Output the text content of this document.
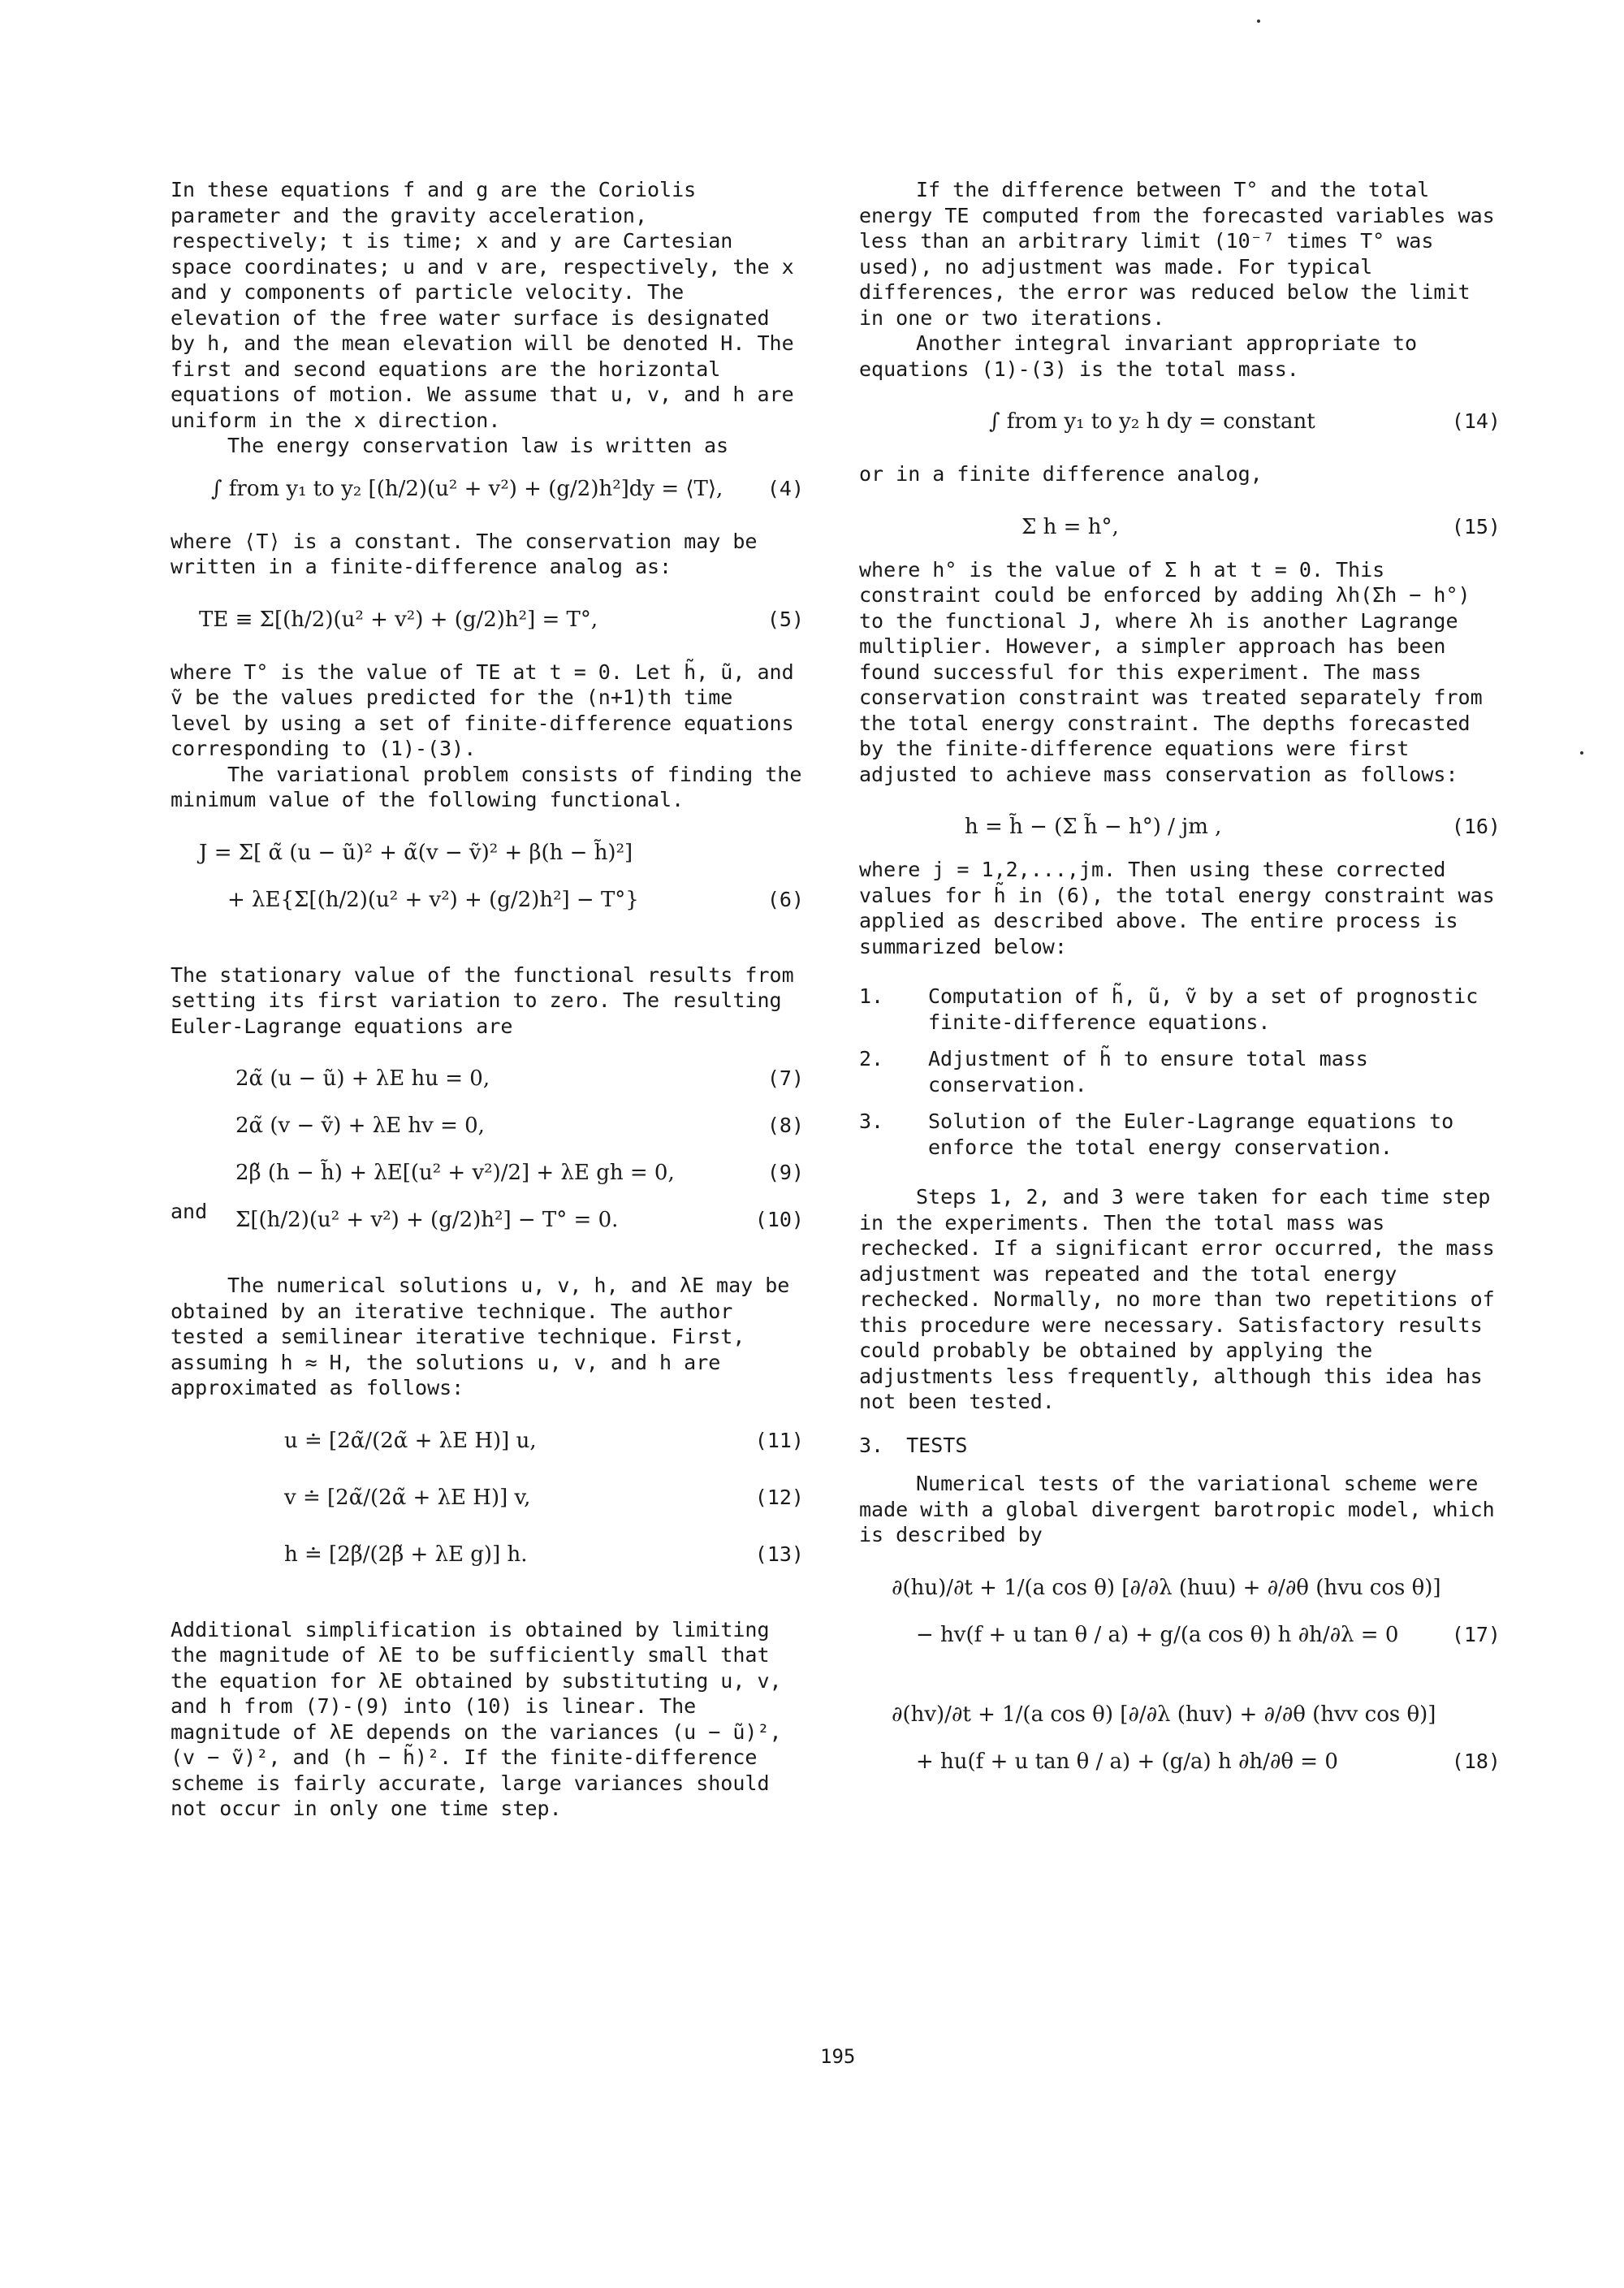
In these equations f and g are the Coriolis parameter and the gravity acceleration, respectively; t is time; x and y are Cartesian space coordinates; u and v are, respectively, the x and y components of particle velocity. The elevation of the free water surface is designated by h, and the mean elevation will be denoted H. The first and second equations are the horizontal equations of motion. We assume that u, v, and h are uniform in the x direction.

The energy conservation law is written as

∫ from y₁ to y₂ [(h/2)(u² + v²) + (g/2)h²]dy = ⟨T⟩, (4)

where ⟨T⟩ is a constant. The conservation may be written in a finite-difference analog as:

TE ≡ Σ[(h/2)(u² + v²) + (g/2)h²] = T°,	(5)

where T° is the value of TE at t = 0. Let h̃, ũ, and ṽ be the values predicted for the (n+1)th time level by using a set of finite-difference equations corresponding to (1)-(3).

The variational problem consists of finding the minimum value of the following functional.

J = Σ[ α̃ (u − ũ)² + α̃(v − ṽ)² + β(h − h̃)²]
+ λE{Σ[(h/2)(u² + v²) + (g/2)h²] − T°}	(6)

The stationary value of the functional results from setting its first variation to zero. The resulting Euler-Lagrange equations are

2α̃ (u − ũ) + λE hu = 0,	(7)
2α̃ (v − ṽ) + λE hv = 0,	(8)
2β̃ (h − h̃) + λE[(u² + v²)/2] + λE gh = 0,	(9)
and Σ[(h/2)(u² + v²) + (g/2)h²] − T° = 0.	(10)

The numerical solutions u, v, h, and λE may be obtained by an iterative technique. The author tested a semilinear iterative technique. First, assuming h ≈ H, the solutions u, v, and h are approximated as follows:

u ≐ [2α̃/(2α̃ + λE H)] u,	(11)
v ≐ [2α̃/(2α̃ + λE H)] v,	(12)
h ≐ [2β̃/(2β̃ + λE g)] h.	(13)

Additional simplification is obtained by limiting the magnitude of λE to be sufficiently small that the equation for λE obtained by substituting u, v, and h from (7)-(9) into (10) is linear. The magnitude of λE depends on the variances (u − ũ)², (v − ṽ)², and (h − h̃)². If the finite-difference scheme is fairly accurate, large variances should not occur in only one time step.

If the difference between T° and the total energy TE computed from the forecasted variables was less than an arbitrary limit (10⁻⁷ times T° was used), no adjustment was made. For typical differences, the error was reduced below the limit in one or two iterations.

Another integral invariant appropriate to equations (1)-(3) is the total mass.

∫ from y₁ to y₂ h dy = constant	(14)

or in a finite difference analog,

Σ h = h°,	(15)

where h° is the value of Σ h at t = 0. This constraint could be enforced by adding λh(Σh − h°) to the functional J, where λh is another Lagrange multiplier. However, a simpler approach has been found successful for this experiment. The mass conservation constraint was treated separately from the total energy constraint. The depths forecasted by the finite-difference equations were first adjusted to achieve mass conservation as follows:

h = h̃ − (Σ h̃ − h°) / jm ,	(16)

where j = 1,2,...,jm. Then using these corrected values for h̃ in (6), the total energy constraint was applied as described above. The entire process is summarized below:

1. Computation of h̃, ũ, ṽ by a set of prognostic finite-difference equations.
2. Adjustment of h̃ to ensure total mass conservation.
3. Solution of the Euler-Lagrange equations to enforce the total energy conservation.

Steps 1, 2, and 3 were taken for each time step in the experiments. Then the total mass was rechecked. If a significant error occurred, the mass adjustment was repeated and the total energy rechecked. Normally, no more than two repetitions of this procedure were necessary. Satisfactory results could probably be obtained by applying the adjustments less frequently, although this idea has not been tested.

3. TESTS

Numerical tests of the variational scheme were made with a global divergent barotropic model, which is described by

∂(hu)/∂t + 1/(a cos θ) [∂/∂λ (huu) + ∂/∂θ (hvu cos θ)]
− hv(f + u tan θ / a) + g/(a cos θ) h ∂h/∂λ = 0	(17)
∂(hv)/∂t + 1/(a cos θ) [∂/∂λ (huv) + ∂/∂θ (hvv cos θ)]
+ hu(f + u tan θ / a) + (g/a) h ∂h/∂θ = 0	(18)
195
